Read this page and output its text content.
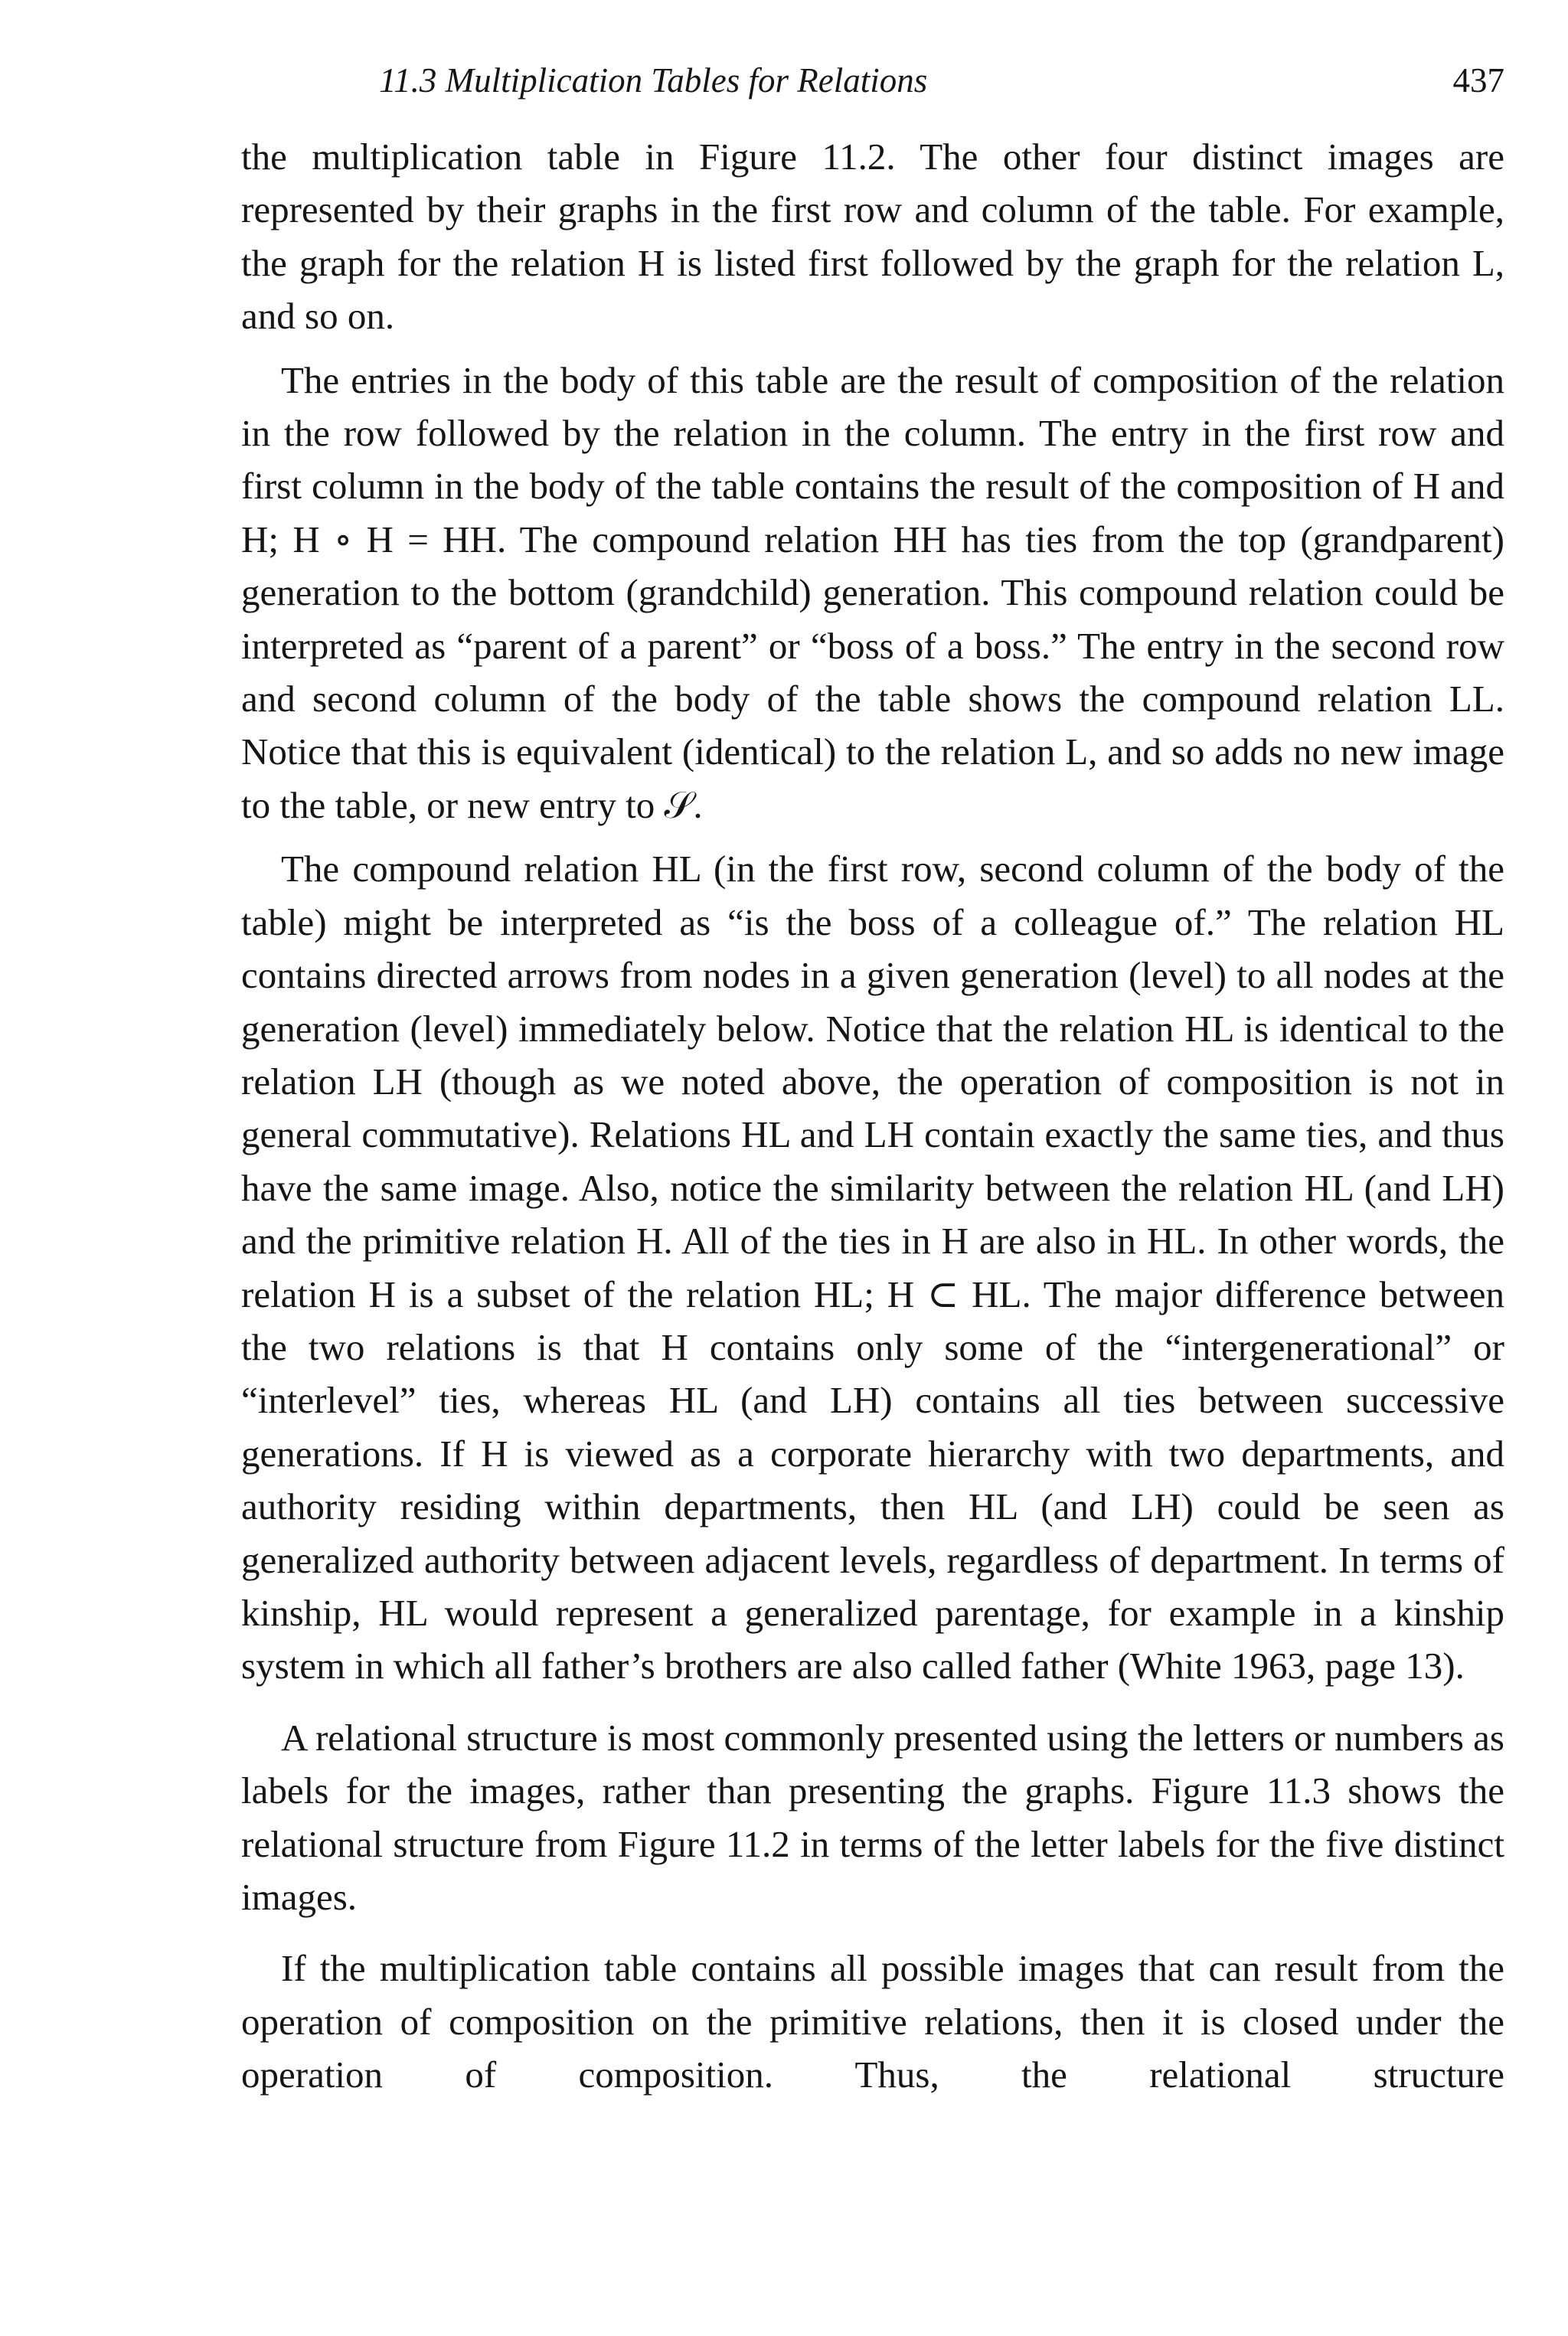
11.3 Multiplication Tables for Relations	437

the multiplication table in Figure 11.2. The other four distinct images are represented by their graphs in the first row and column of the table. For example, the graph for the relation H is listed first followed by the graph for the relation L, and so on.

The entries in the body of this table are the result of composition of the relation in the row followed by the relation in the column. The entry in the first row and first column in the body of the table contains the result of the composition of H and H; H ∘ H = HH. The compound relation HH has ties from the top (grandparent) generation to the bottom (grandchild) generation. This compound relation could be interpreted as “parent of a parent” or “boss of a boss.” The entry in the second row and second column of the body of the table shows the compound relation LL. Notice that this is equivalent (identical) to the relation L, and so adds no new image to the table, or new entry to 𝒮.

The compound relation HL (in the first row, second column of the body of the table) might be interpreted as “is the boss of a colleague of.” The relation HL contains directed arrows from nodes in a given generation (level) to all nodes at the generation (level) immediately below. Notice that the relation HL is identical to the relation LH (though as we noted above, the operation of composition is not in general commutative). Relations HL and LH contain exactly the same ties, and thus have the same image. Also, notice the similarity between the relation HL (and LH) and the primitive relation H. All of the ties in H are also in HL. In other words, the relation H is a subset of the relation HL; H ⊂ HL. The major difference between the two relations is that H contains only some of the “intergenerational” or “interlevel” ties, whereas HL (and LH) contains all ties between successive generations. If H is viewed as a corporate hierarchy with two departments, and authority residing within departments, then HL (and LH) could be seen as generalized authority between adjacent levels, regardless of department. In terms of kinship, HL would represent a generalized parentage, for example in a kinship system in which all father’s brothers are also called father (White 1963, page 13).

A relational structure is most commonly presented using the letters or numbers as labels for the images, rather than presenting the graphs. Figure 11.3 shows the relational structure from Figure 11.2 in terms of the letter labels for the five distinct images.

If the multiplication table contains all possible images that can result from the operation of composition on the primitive relations, then it is closed under the operation of composition. Thus, the relational structure
